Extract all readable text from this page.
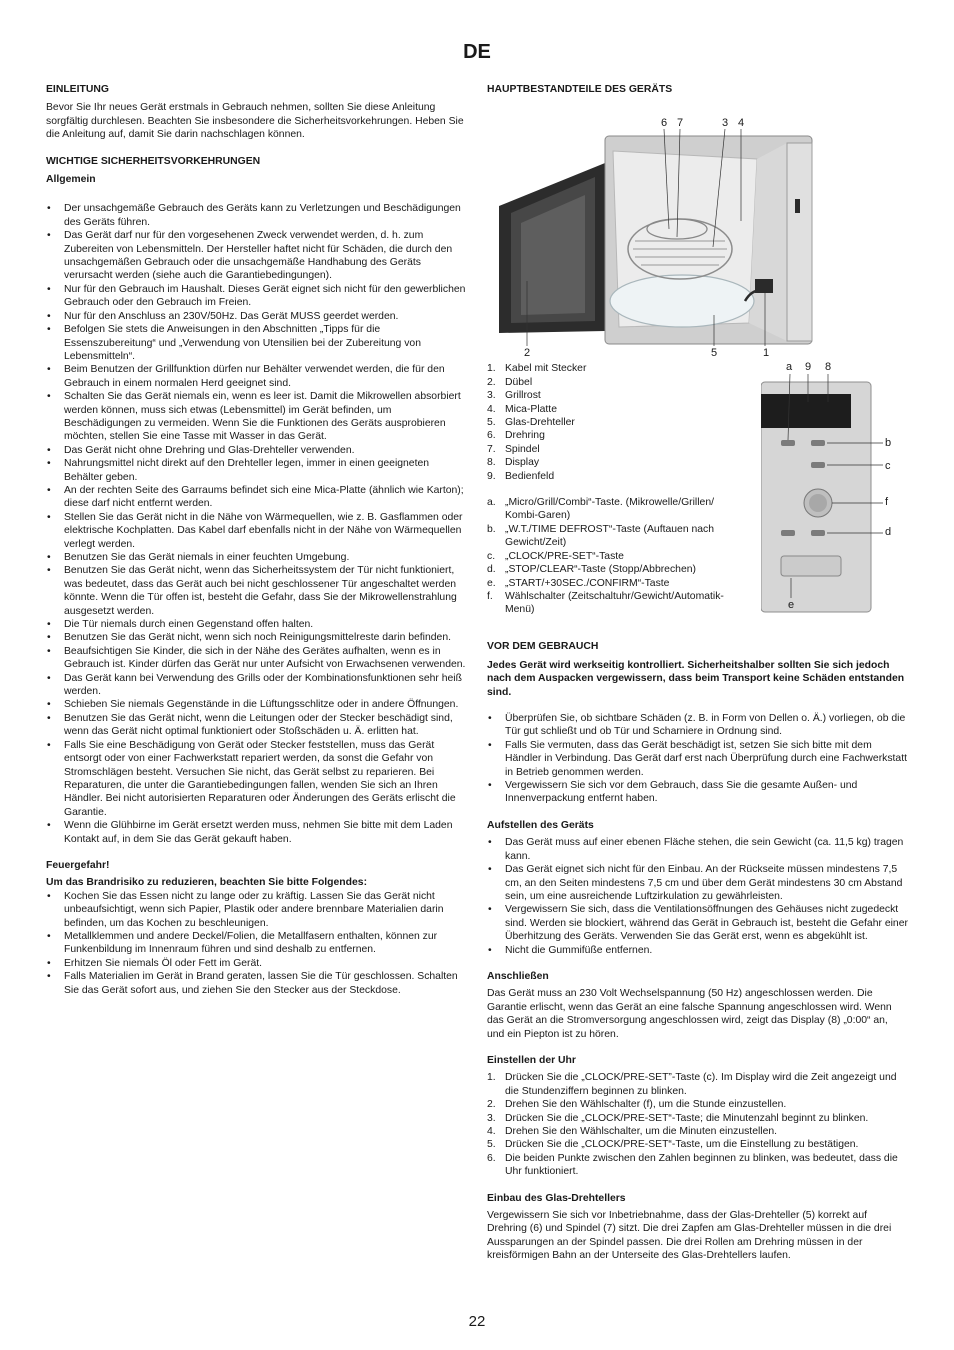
DE
EINLEITUNG

Bevor Sie Ihr neues Gerät erstmals in Gebrauch nehmen, sollten Sie diese Anleitung sorgfältig durchlesen. Beachten Sie insbesondere die Sicherheitsvorkehrungen. Heben Sie die Anleitung auf, damit Sie darin nachschlagen können.

WICHTIGE SICHERHEITSVORKEHRUNGEN
Allgemein
• Der unsachgemäße Gebrauch des Geräts kann zu Verletzungen und Beschädigungen des Geräts führen.
• Das Gerät darf nur für den vorgesehenen Zweck verwendet werden, d. h. zum Zubereiten von Lebensmitteln. Der Hersteller haftet nicht für Schäden, die durch den unsachgemäßen Gebrauch oder die unsachgemäße Handhabung des Geräts verursacht werden (siehe auch die Garantiebedingungen).
• Nur für den Gebrauch im Haushalt. Dieses Gerät eignet sich nicht für den gewerblichen Gebrauch oder den Gebrauch im Freien.
• Nur für den Anschluss an 230V/50Hz. Das Gerät MUSS geerdet werden.
• Befolgen Sie stets die Anweisungen in den Abschnitten „Tipps für die Essenszubereitung“ und „Verwendung von Utensilien bei der Zubereitung von Lebensmitteln“.
• Beim Benutzen der Grillfunktion dürfen nur Behälter verwendet werden, die für den Gebrauch in einem normalen Herd geeignet sind.
• Schalten Sie das Gerät niemals ein, wenn es leer ist. Damit die Mikrowellen absorbiert werden können, muss sich etwas (Lebensmittel) im Gerät befinden, um Beschädigungen zu vermeiden. Wenn Sie die Funktionen des Geräts ausprobieren möchten, stellen Sie eine Tasse mit Wasser in das Gerät.
• Das Gerät nicht ohne Drehring und Glas-Drehteller verwenden.
• Nahrungsmittel nicht direkt auf den Drehteller legen, immer in einen geeigneten Behälter geben.
• An der rechten Seite des Garraums befindet sich eine Mica-Platte (ähnlich wie Karton); diese darf nicht entfernt werden.
• Stellen Sie das Gerät nicht in die Nähe von Wärmequellen, wie z. B. Gasflammen oder elektrische Kochplatten. Das Kabel darf ebenfalls nicht in der Nähe von Wärmequellen verlegt werden.
• Benutzen Sie das Gerät niemals in einer feuchten Umgebung.
• Benutzen Sie das Gerät nicht, wenn das Sicherheitssystem der Tür nicht funktioniert, was bedeutet, dass das Gerät auch bei nicht geschlossener Tür angeschaltet werden könnte. Wenn die Tür offen ist, besteht die Gefahr, dass Sie der Mikrowellenstrahlung ausgesetzt werden.
• Die Tür niemals durch einen Gegenstand offen halten.
• Benutzen Sie das Gerät nicht, wenn sich noch Reinigungsmittelreste darin befinden.
• Beaufsichtigen Sie Kinder, die sich in der Nähe des Gerätes aufhalten, wenn es in Gebrauch ist. Kinder dürfen das Gerät nur unter Aufsicht von Erwachsenen verwenden.
• Das Gerät kann bei Verwendung des Grills oder der Kombinationsfunktionen sehr heiß werden.
• Schieben Sie niemals Gegenstände in die Lüftungsschlitze oder in andere Öffnungen.
• Benutzen Sie das Gerät nicht, wenn die Leitungen oder der Stecker beschädigt sind, wenn das Gerät nicht optimal funktioniert oder Stoßschäden u. Ä. erlitten hat.
• Falls Sie eine Beschädigung von Gerät oder Stecker feststellen, muss das Gerät entsorgt oder von einer Fachwerkstatt repariert werden, da sonst die Gefahr von Stromschlägen besteht. Versuchen Sie nicht, das Gerät selbst zu reparieren. Bei Reparaturen, die unter die Garantiebedingungen fallen, wenden Sie sich an Ihren Händler. Bei nicht autorisierten Reparaturen oder Änderungen des Geräts erlischt die Garantie.
• Wenn die Glühbirne im Gerät ersetzt werden muss, nehmen Sie bitte mit dem Laden Kontakt auf, in dem Sie das Gerät gekauft haben.
Feuergefahr!
Um das Brandrisiko zu reduzieren, beachten Sie bitte Folgendes:
• Kochen Sie das Essen nicht zu lange oder zu kräftig. Lassen Sie das Gerät nicht unbeaufsichtigt, wenn sich Papier, Plastik oder andere brennbare Materialien darin befinden, um das Kochen zu beschleunigen.
• Metallklemmen und andere Deckel/Folien, die Metallfasern enthalten, können zur Funkenbildung im Innenraum führen und sind deshalb zu entfernen.
• Erhitzen Sie niemals Öl oder Fett im Gerät.
• Falls Materialien im Gerät in Brand geraten, lassen Sie die Tür geschlossen. Schalten Sie das Gerät sofort aus, und ziehen Sie den Stecker aus der Steckdose.
HAUPTBESTANDTEILE DES GERÄTS
6 7	3 4
2	5	1
1. Kabel mit Stecker
2. Dübel
3. Grillrost
4. Mica-Platte
5. Glas-Drehteller
6. Drehring
7. Spindel
8. Display
9. Bedienfeld
a. „Micro/Grill/Combi“-Taste. (Mikrowelle/Grillen/ Kombi-Garen)
b. „W.T./TIME DEFROST“-Taste (Auftauen nach Gewicht/Zeit)
c. „CLOCK/PRE-SET“-Taste
d. „STOP/CLEAR“-Taste (Stopp/Abbrechen)
e. „START/+30SEC./CONFIRM“-Taste
f. Wählschalter (Zeitschaltuhr/Gewicht/Automatik-Menü)
a 9 8
b
c
f
d
e
VOR DEM GEBRAUCH

Jedes Gerät wird werkseitig kontrolliert. Sicherheitshalber sollten Sie sich jedoch nach dem Auspacken vergewissern, dass beim Transport keine Schäden entstanden sind.

• Überprüfen Sie, ob sichtbare Schäden (z. B. in Form von Dellen o. Ä.) vorliegen, ob die Tür gut schließt und ob Tür und Scharniere in Ordnung sind.
• Falls Sie vermuten, dass das Gerät beschädigt ist, setzen Sie sich bitte mit dem Händler in Verbindung. Das Gerät darf erst nach Überprüfung durch eine Fachwerkstatt in Betrieb genommen werden.
• Vergewissern Sie sich vor dem Gebrauch, dass Sie die gesamte Außen- und Innenverpackung entfernt haben.
Aufstellen des Geräts
• Das Gerät muss auf einer ebenen Fläche stehen, die sein Gewicht (ca. 11,5 kg) tragen kann.
• Das Gerät eignet sich nicht für den Einbau. An der Rückseite müssen mindestens 7,5 cm, an den Seiten mindestens 7,5 cm und über dem Gerät mindestens 30 cm Abstand sein, um eine ausreichende Luftzirkulation zu gewährleisten.
• Vergewissern Sie sich, dass die Ventilationsöffnungen des Gehäuses nicht zugedeckt sind. Werden sie blockiert, während das Gerät in Gebrauch ist, besteht die Gefahr einer Überhitzung des Geräts. Verwenden Sie das Gerät erst, wenn es abgekühlt ist.
• Nicht die Gummifüße entfernen.
Anschließen

Das Gerät muss an 230 Volt Wechselspannung (50 Hz) angeschlossen werden. Die Garantie erlischt, wenn das Gerät an eine falsche Spannung angeschlossen wird. Wenn das Gerät an die Stromversorgung angeschlossen wird, zeigt das Display (8) „0:00“ an, und ein Piepton ist zu hören.

Einstellen der Uhr
1. Drücken Sie die „CLOCK/PRE-SET”-Taste (c). Im Display wird die Zeit angezeigt und die Stundenziffern beginnen zu blinken.
2. Drehen Sie den Wählschalter (f), um die Stunde einzustellen.
3. Drücken Sie die „CLOCK/PRE-SET“-Taste; die Minutenzahl beginnt zu blinken.
4. Drehen Sie den Wählschalter, um die Minuten einzustellen.
5. Drücken Sie die „CLOCK/PRE-SET“-Taste, um die Einstellung zu bestätigen.
6. Die beiden Punkte zwischen den Zahlen beginnen zu blinken, was bedeutet, dass die Uhr funktioniert.
Einbau des Glas-Drehtellers

Vergewissern Sie sich vor Inbetriebnahme, dass der Glas-Drehteller (5) korrekt auf Drehring (6) und Spindel (7) sitzt. Die drei Zapfen am Glas-Drehteller müssen in die drei Aussparungen an der Spindel passen. Die drei Rollen am Drehring müssen in der kreisförmigen Bahn an der Unterseite des Glas-Drehtellers laufen.

22
